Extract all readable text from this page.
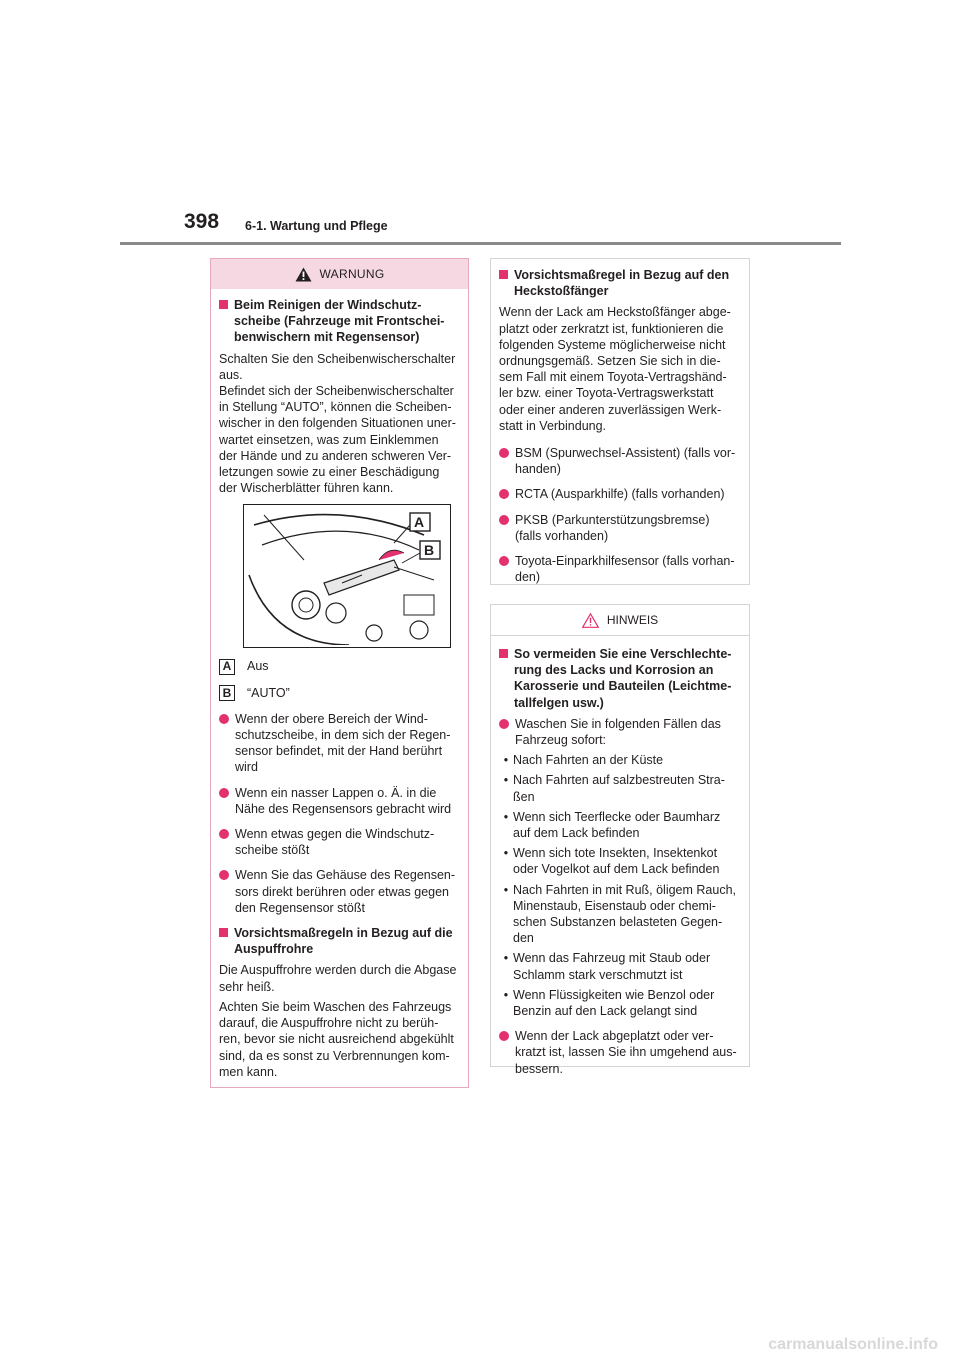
398 6-1. Wartung und Pflege
WARNUNG
Beim Reinigen der Windschutz-scheibe (Fahrzeuge mit Frontschei-benwischern mit Regensensor)

Schalten Sie den Scheibenwischerschalter aus.

Befindet sich der Scheibenwischerschalter in Stellung “AUTO”, können die Scheiben-wischer in den folgenden Situationen uner-wartet einsetzen, was zum Einklemmen der Hände und zu anderen schweren Ver-letzungen sowie zu einer Beschädigung der Wischerblätter führen kann.

A
B
A Aus
B “AUTO”
Wenn der obere Bereich der Wind-schutzscheibe, in dem sich der Regen-sensor befindet, mit der Hand berührt wird
Wenn ein nasser Lappen o. Ä. in die Nähe des Regensensors gebracht wird
Wenn etwas gegen die Windschutz-scheibe stößt
Wenn Sie das Gehäuse des Regensen-sors direkt berühren oder etwas gegen den Regensensor stößt
Vorsichtsmaßregeln in Bezug auf die Auspuffrohre

Die Auspuffrohre werden durch die Abgase sehr heiß.

Achten Sie beim Waschen des Fahrzeugs darauf, die Auspuffrohre nicht zu berüh-ren, bevor sie nicht ausreichend abgekühlt sind, da es sonst zu Verbrennungen kom-men kann.

Vorsichtsmaßregel in Bezug auf den Heckstoßfänger

Wenn der Lack am Heckstoßfänger abge-platzt oder zerkratzt ist, funktionieren die folgenden Systeme möglicherweise nicht ordnungsgemäß. Setzen Sie sich in die-sem Fall mit einem Toyota-Vertragshänd-ler bzw. einer Toyota-Vertragswerkstatt oder einer anderen zuverlässigen Werk-statt in Verbindung.

BSM (Spurwechsel-Assistent) (falls vor-handen)
RCTA (Ausparkhilfe) (falls vorhanden)
PKSB (Parkunterstützungsbremse) (falls vorhanden)
Toyota-Einparkhilfesensor (falls vorhan-den)
HINWEIS
So vermeiden Sie eine Verschlechte-rung des Lacks und Korrosion an Karosserie und Bauteilen (Leichtme-tallfelgen usw.)
Waschen Sie in folgenden Fällen das Fahrzeug sofort:
• Nach Fahrten an der Küste
• Nach Fahrten auf salzbestreuten Stra-ßen
• Wenn sich Teerflecke oder Baumharz auf dem Lack befinden
• Wenn sich tote Insekten, Insektenkot oder Vogelkot auf dem Lack befinden
• Nach Fahrten in mit Ruß, öligem Rauch, Minenstaub, Eisenstaub oder chemi-schen Substanzen belasteten Gegen-den
• Wenn das Fahrzeug mit Staub oder Schlamm stark verschmutzt ist
• Wenn Flüssigkeiten wie Benzol oder Benzin auf den Lack gelangt sind
Wenn der Lack abgeplatzt oder ver-kratzt ist, lassen Sie ihn umgehend aus-bessern.
carmanualsonline.info
